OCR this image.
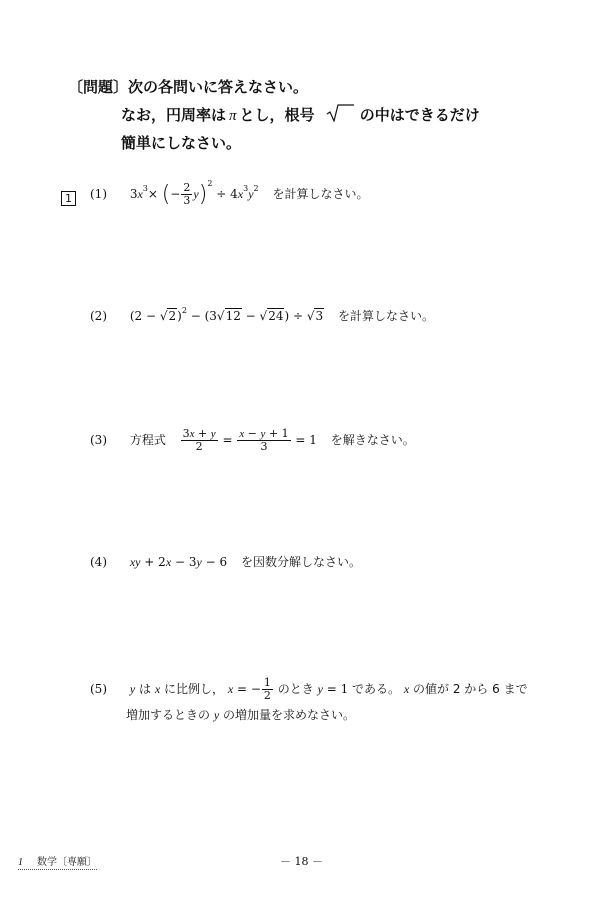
〔問題〕次の各問いに答えなさい。
なお，円周率は π とし，根号	の中はできるだけ
簡単にしなさい。
1	(1) $3x^3\times$ (− $\frac{2}{3} y)^2 \div 4x^3y^2$ を計算しなさい。
(2) $(2 - √2)^2 - (3√12 - √24) \div √3$ を計算しなさい。
(3) 方程式 $\frac{3x + y}{2} = \frac{x - y + 1}{3} = 1$ を解きなさい。
(4) xy + 2x − 3y − 6 を因数分解しなさい。
(5) y は x に比例し， x = − $\frac{1}{2}$ のとき y = 1 である。 x の値が 2 から 6 まで
増加するときの y の増加量を求めなさい。
1 数学〔専願〕	－ 18 －
